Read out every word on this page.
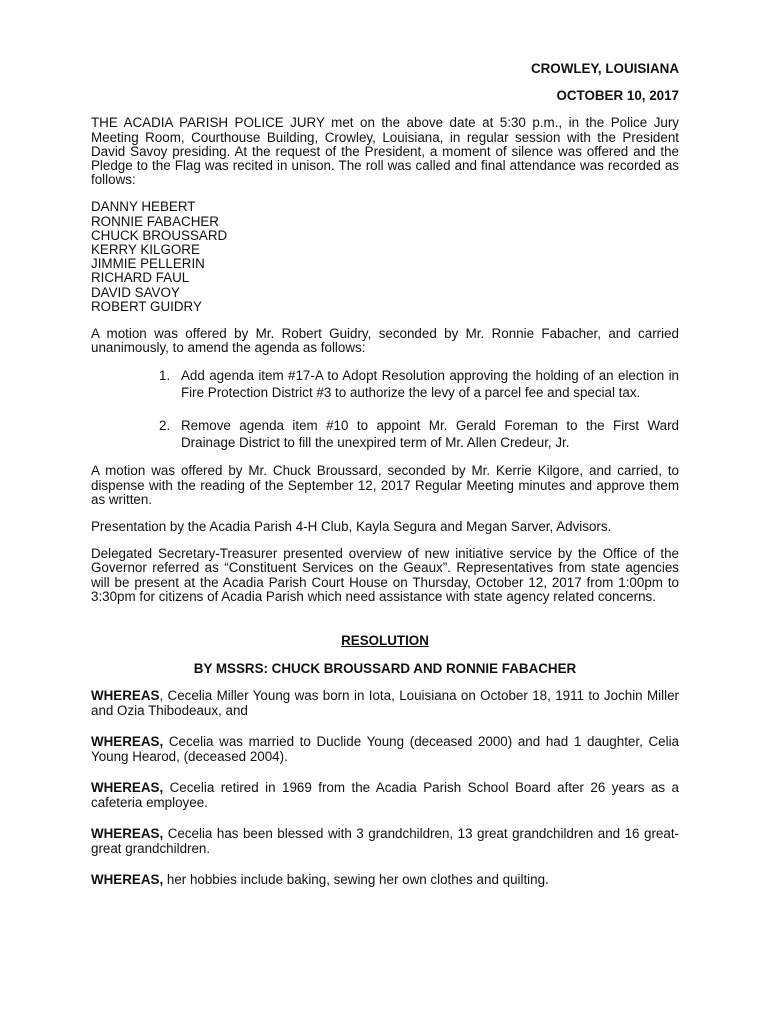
CROWLEY, LOUISIANA

OCTOBER 10, 2017

THE ACADIA PARISH POLICE JURY met on the above date at 5:30 p.m., in the Police Jury Meeting Room, Courthouse Building, Crowley, Louisiana, in regular session with the President David Savoy presiding. At the request of the President, a moment of silence was offered and the Pledge to the Flag was recited in unison. The roll was called and final attendance was recorded as follows:

DANNY HEBERT
RONNIE FABACHER
CHUCK BROUSSARD
KERRY KILGORE
JIMMIE PELLERIN
RICHARD FAUL
DAVID SAVOY
ROBERT GUIDRY

A motion was offered by Mr. Robert Guidry, seconded by Mr. Ronnie Fabacher, and carried unanimously, to amend the agenda as follows:

1. Add agenda item #17-A to Adopt Resolution approving the holding of an election in Fire Protection District #3 to authorize the levy of a parcel fee and special tax.
2. Remove agenda item #10 to appoint Mr. Gerald Foreman to the First Ward Drainage District to fill the unexpired term of Mr. Allen Credeur, Jr.

A motion was offered by Mr. Chuck Broussard, seconded by Mr. Kerrie Kilgore, and carried, to dispense with the reading of the September 12, 2017 Regular Meeting minutes and approve them as written.

Presentation by the Acadia Parish 4-H Club, Kayla Segura and Megan Sarver, Advisors.

Delegated Secretary-Treasurer presented overview of new initiative service by the Office of the Governor referred as “Constituent Services on the Geaux”. Representatives from state agencies will be present at the Acadia Parish Court House on Thursday, October 12, 2017 from 1:00pm to 3:30pm for citizens of Acadia Parish which need assistance with state agency related concerns.

RESOLUTION

BY MSSRS: CHUCK BROUSSARD AND RONNIE FABACHER

WHEREAS, Cecelia Miller Young was born in Iota, Louisiana on October 18, 1911 to Jochin Miller and Ozia Thibodeaux, and

WHEREAS, Cecelia was married to Duclide Young (deceased 2000) and had 1 daughter, Celia Young Hearod, (deceased 2004).

WHEREAS, Cecelia retired in 1969 from the Acadia Parish School Board after 26 years as a cafeteria employee.

WHEREAS, Cecelia has been blessed with 3 grandchildren, 13 great grandchildren and 16 great-great grandchildren.

WHEREAS, her hobbies include baking, sewing her own clothes and quilting.
